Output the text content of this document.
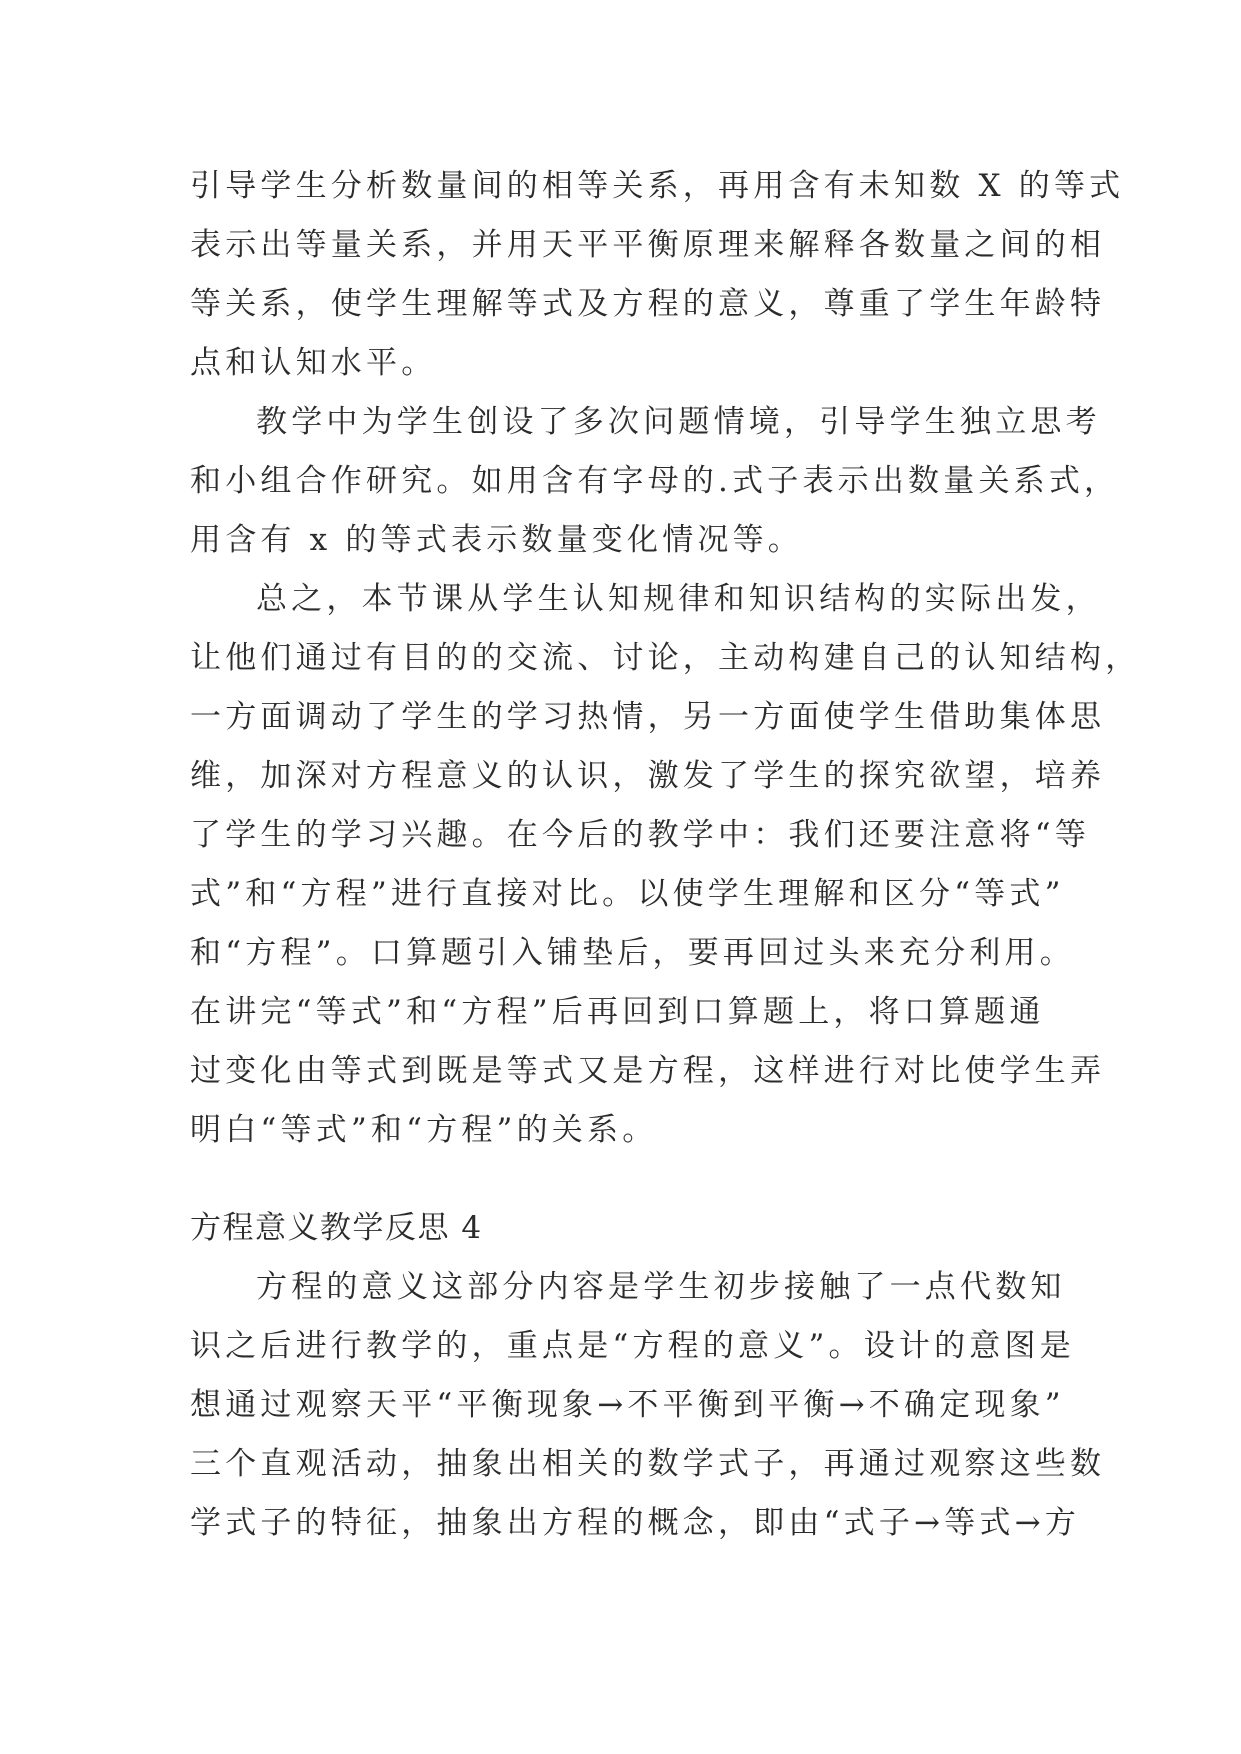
引导学生分析数量间的相等关系，再用含有未知数 X 的等式
表示出等量关系，并用天平平衡原理来解释各数量之间的相
等关系，使学生理解等式及方程的意义，尊重了学生年龄特
点和认知水平。
教学中为学生创设了多次问题情境，引导学生独立思考
和小组合作研究。如用含有字母的.式子表示出数量关系式，
用含有 x 的等式表示数量变化情况等。
总之，本节课从学生认知规律和知识结构的实际出发，
让他们通过有目的的交流、讨论，主动构建自己的认知结构，
一方面调动了学生的学习热情，另一方面使学生借助集体思
维，加深对方程意义的认识，激发了学生的探究欲望，培养
了学生的学习兴趣。在今后的教学中：我们还要注意将“等
式”和“方程”进行直接对比。以使学生理解和区分“等式”
和“方程”。口算题引入铺垫后，要再回过头来充分利用。
在讲完“等式”和“方程”后再回到口算题上，将口算题通
过变化由等式到既是等式又是方程，这样进行对比使学生弄
明白“等式”和“方程”的关系。
方程意义教学反思 4
方程的意义这部分内容是学生初步接触了一点代数知
识之后进行教学的，重点是“方程的意义”。设计的意图是
想通过观察天平“平衡现象→不平衡到平衡→不确定现象”
三个直观活动，抽象出相关的数学式子，再通过观察这些数
学式子的特征，抽象出方程的概念，即由“式子→等式→方
